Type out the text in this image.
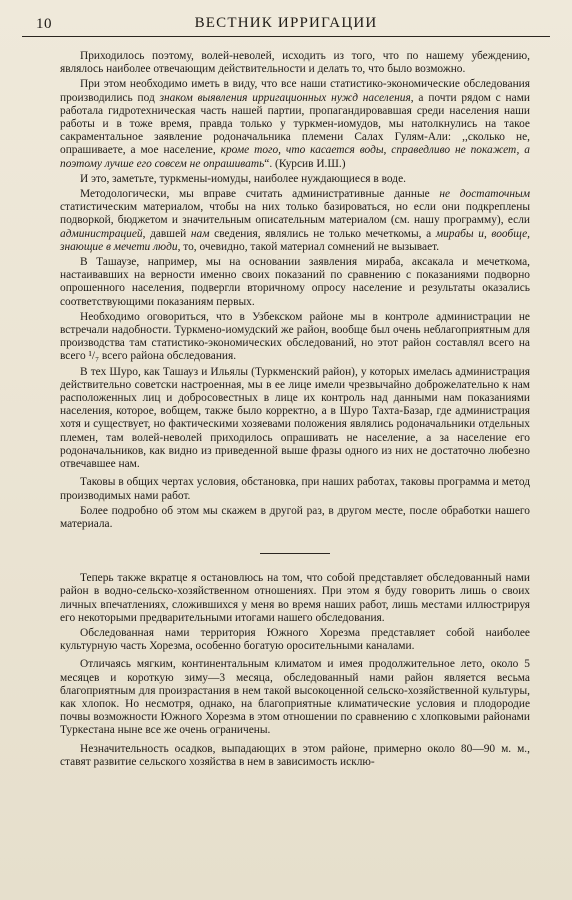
10	ВЕСТНИК ИРРИГАЦИИ

Приходилось поэтому, волей-неволей, исходить из того, что по нашему убеждению, являлось наиболее отвечающим действительности и делать то, что было возможно.

При этом необходимо иметь в виду, что все наши статистико-экономические обследования производились под знаком выявления ирригационных нужд населения, а почти рядом с нами работала гидротехническая часть нашей партии, пропагандировавшая среди населения наши работы и в тоже время, правда только у туркмен-иомудов, мы натолкнулись на такое сакраментальное заявление родоначальника племени Салах Гулям-Али: ,,сколько не, опрашиваете, а мое население, кроме того, что касается воды, справедливо не покажет, а поэтому лучше его совсем не опрашивать“. (Курсив И.Ш.)

И это, заметьте, туркмены-иомуды, наиболее нуждающиеся в воде.

Методологически, мы вправе считать административные данные не достаточным статистическим материалом, чтобы на них только базироваться, но если они подкреплены подворкой, бюджетом и значительным описательным материалом (см. нашу программу), если администрацией, давшей нам сведения, являлись не только мечеткомы, а мирабы и, вообще, знающие в мечети люди, то, очевидно, такой материал сомнений не вызывает.

В Ташаузе, например, мы на основании заявления мираба, аксакала и мечеткома, настаивавших на верности именно своих показаний по сравнению с показаниями подворно опрошенного населения, подвергли вторичному опросу население и результаты оказались соответствующими показаниям первых.

Необходимо оговориться, что в Узбекском районе мы в контроле администрации не встречали надобности. Туркмено-иомудский же район, вообще был очень неблагоприятным для производства там статистико-экономических обследований, но этот район составлял всего на всего ¹/₇ всего района обследования.

В тех Шуро, как Ташауз и Ильялы (Туркменский район), у которых имелась администрация действительно советски настроенная, мы в ее лице имели чрезвычайно доброжелательно к нам расположенных лиц и добросовестных в лице их контроль над данными нам показаниями населения, которое, вобщем, также было корректно, а в Шуро Тахта-Базар, где администрация хотя и существует, но фактическими хозяевами положения являлись родоначальники отдельных племен, там волей-неволей приходилось опрашивать не население, а за население его родоначальников, как видно из приведенной выше фразы одного из них не достаточно любезно отвечавшее нам.

Таковы в общих чертах условия, обстановка, при наших работах, таковы программа и метод производимых нами работ.

Более подробно об этом мы скажем в другой раз, в другом месте, после обработки нашего материала.

Теперь также вкратце я остановлюсь на том, что собой представляет обследованный нами район в водно-сельско-хозяйственном отношениях. При этом я буду говорить лишь о своих личных впечатлениях, сложившихся у меня во время наших работ, лишь местами иллюстрируя его некоторыми предварительными итогами нашего обследования.

Обследованная нами территория Южного Хорезма представляет собой наиболее культурную часть Хорезма, особенно богатую оросительными каналами.

Отличаясь мягким, континентальным климатом и имея продолжительное лето, около 5 месяцев и короткую зиму—3 месяца, обследованный нами район является весьма благоприятным для произрастания в нем такой высокоценной сельско-хозяйственной культуры, как хлопок. Но несмотря, однако, на благоприятные климатические условия и плодородие почвы возможности Южного Хорезма в этом отношении по сравнению с хлопковыми районами Туркестана ныне все же очень ограничены.

Незначительность осадков, выпадающих в этом районе, примерно около 80—90 м. м., ставят развитие сельского хозяйства в нем в зависимость исклю-
